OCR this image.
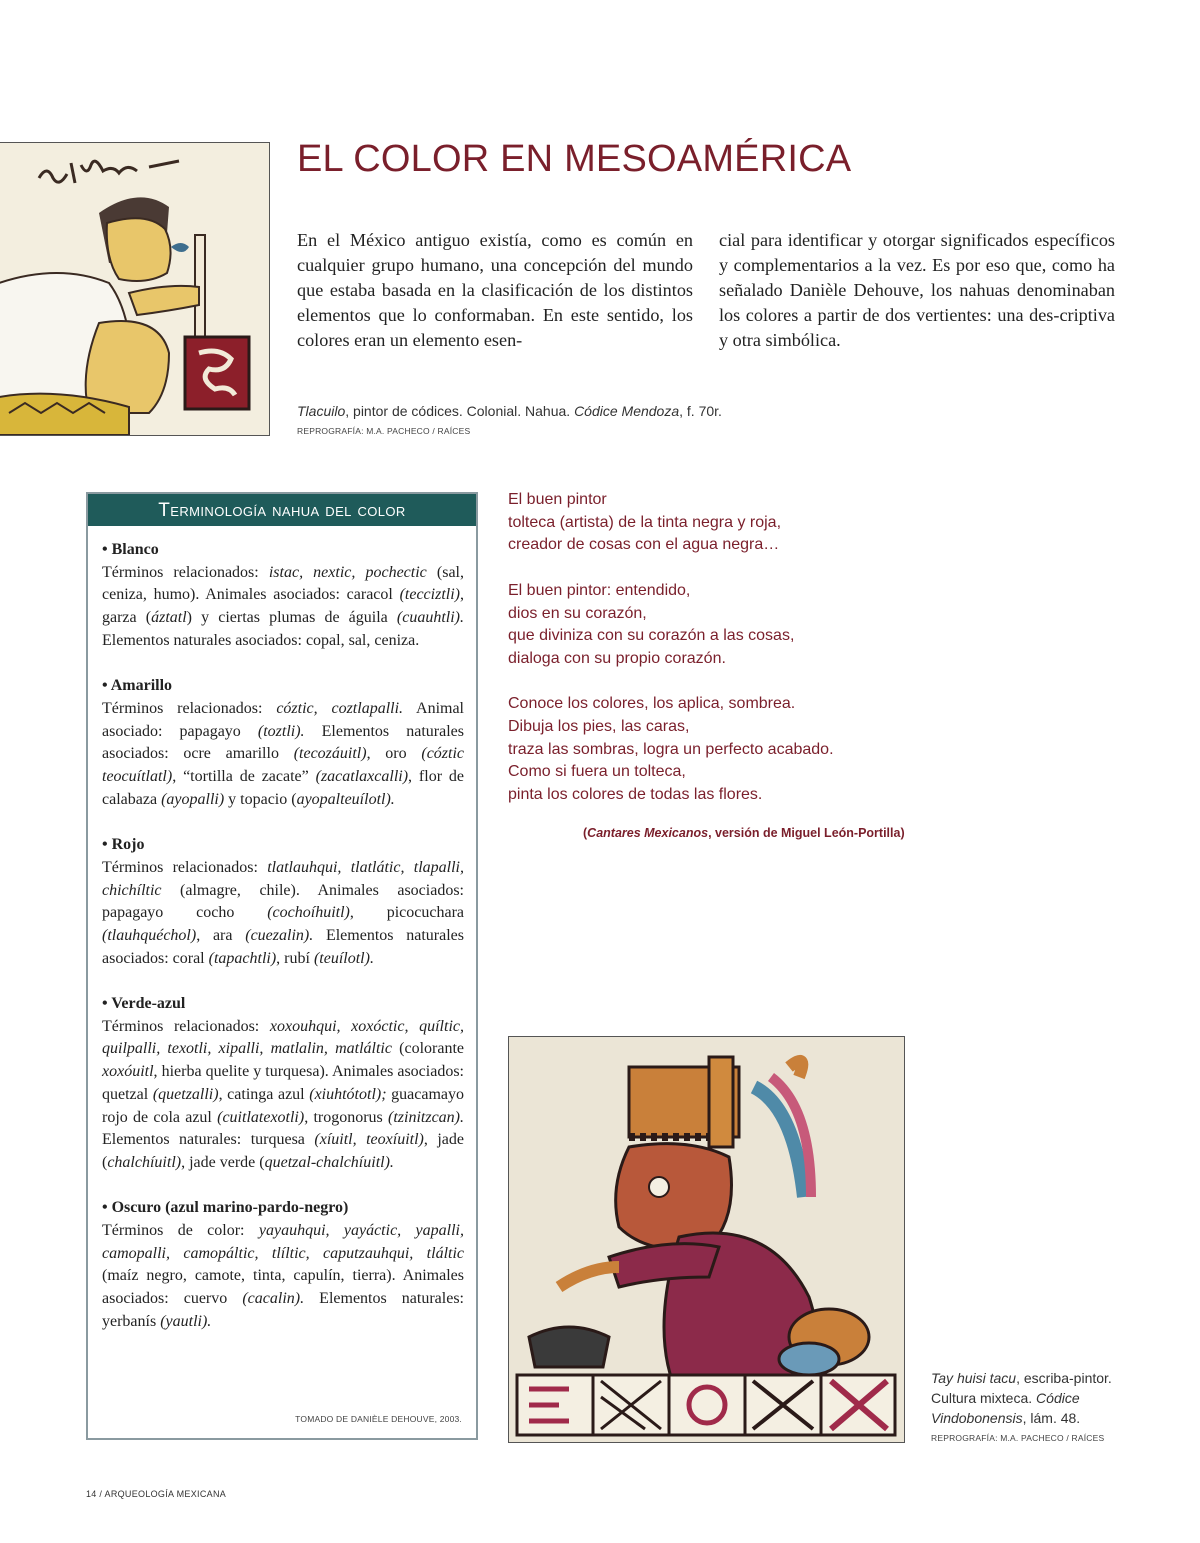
EL COLOR EN MESOAMÉRICA
En el México antiguo existía, como es común en cualquier grupo humano, una concepción del mundo que estaba basada en la clasificación de los distintos elementos que lo conformaban. En este sentido, los colores eran un elemento esen-
cial para identificar y otorgar significados específicos y complementarios a la vez. Es por eso que, como ha señalado Danièle Dehouve, los nahuas denominaban los colores a partir de dos vertientes: una des-criptiva y otra simbólica.
Tlacuilo, pintor de códices. Colonial. Nahua. Códice Mendoza, f. 70r.
REPROGRAFÍA: M.A. PACHECO / RAÍCES
Terminología nahua del color
• Blanco
Términos relacionados: istac, nextic, pochectic (sal, ceniza, humo). Animales asociados: caracol (tecciztli), garza (áztatl) y ciertas plumas de águila (cuauhtli). Elementos naturales asociados: copal, sal, ceniza.
• Amarillo
Términos relacionados: cóztic, coztlapalli. Animal asociado: papagayo (toztli). Elementos naturales asociados: ocre amarillo (tecozáuitl), oro (cóztic teocuítlatl), “tortilla de zacate” (zacatlaxcalli), flor de calabaza (ayopalli) y topacio (ayopalteuílotl).
• Rojo
Términos relacionados: tlatlauhqui, tlatlátic, tlapalli, chichíltic (almagre, chile). Animales asociados: papagayo cocho (cochoíhuitl), picocuchara (tlauhquéchol), ara (cuezalin). Elementos naturales asociados: coral (tapachtli), rubí (teuílotl).
• Verde-azul
Términos relacionados: xoxouhqui, xoxóctic, quíltic, quilpalli, texotli, xipalli, matlalin, matláltic (colorante xoxóuitl, hierba quelite y turquesa). Animales asociados: quetzal (quetzalli), catinga azul (xiuhtótotl); guacamayo rojo de cola azul (cuitlatexotli), trogonorus (tzinitzcan). Elementos naturales: turquesa (xíuitl, teoxíuitl), jade (chalchíuitl), jade verde (quetzal-chalchíuitl).
• Oscuro (azul marino-pardo-negro)
Términos de color: yayauhqui, yayáctic, yapalli, camopalli, camopáltic, tlíltic, caputzauhqui, tláltic (maíz negro, camote, tinta, capulín, tierra). Animales asociados: cuervo (cacalin). Elementos naturales: yerbanís (yautli).
TOMADO DE DANIÈLE DEHOUVE, 2003.
El buen pintor
tolteca (artista) de la tinta negra y roja,
creador de cosas con el agua negra…
El buen pintor: entendido,
dios en su corazón,
que diviniza con su corazón a las cosas,
dialoga con su propio corazón.
Conoce los colores, los aplica, sombrea.
Dibuja los pies, las caras,
traza las sombras, logra un perfecto acabado.
Como si fuera un tolteca,
pinta los colores de todas las flores.
(Cantares Mexicanos, versión de Miguel León-Portilla)
Tay huisi tacu, escriba-pintor. Cultura mixteca. Códice Vindobonensis, lám. 48.
REPROGRAFÍA: M.A. PACHECO / RAÍCES
14 / ARQUEOLOGÍA MEXICANA
